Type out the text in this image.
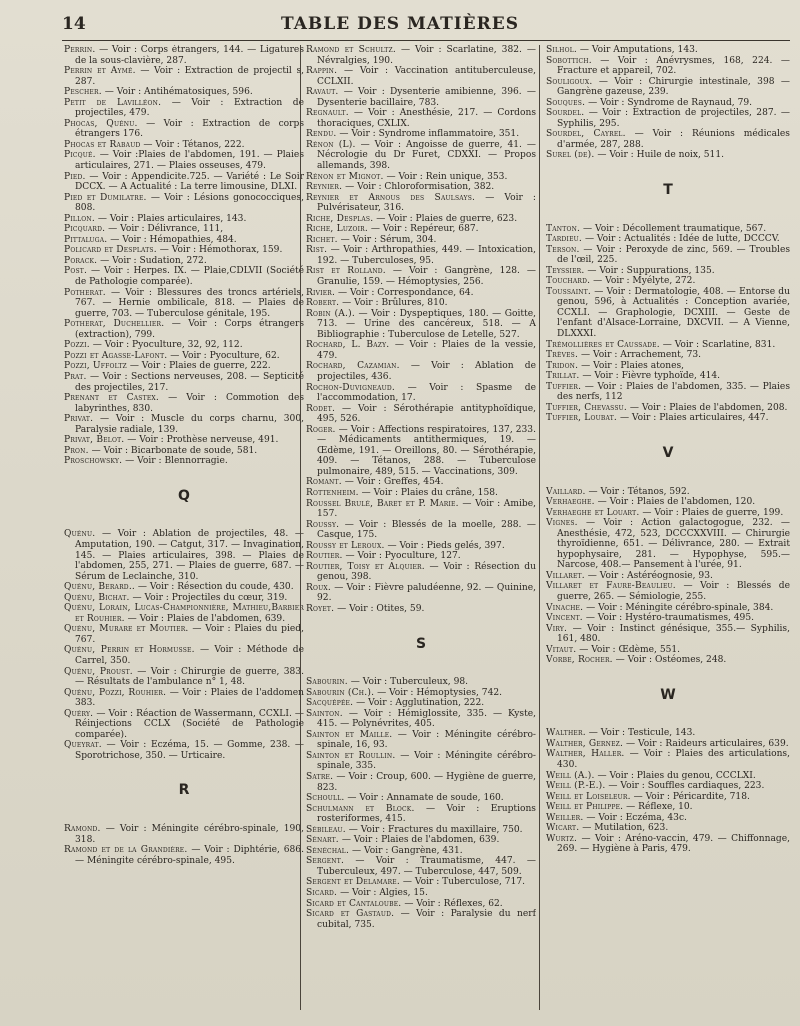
14	TABLE DES MATIÈRES
Perrin. — Voir : Corps étrangers, 144. — Ligatures de la sous-clavière, 287.
Perrin et Aymé. — Voir : Extraction de projectil s, 287.
Pescher. — Voir : Antihématosiques, 596.
Petit de Lavilléon. — Voir : Extraction de projectiles, 479.
Phocas, Quénu. — Voir : Extraction de corps étrangers 176.
Phocas et Rabaud — Voir : Tétanos, 222.
Picqué. — Voir :Plaies de l'abdomen, 191. — Plaies articulaires, 271. — Plaies osseuses, 479.
Pied. — Voir : Appendicite.725. — Variété : Le Soir DCCX. — A Actualité : La terre limousine, DLXI.
Pied et Dumilatre. — Voir : Lésions gonococciques, 808.
Pillon. — Voir : Plaies articulaires, 143.
Picquard. — Voir : Délivrance, 111,
Pittaluga. — Voir : Hémopathies, 484.
Policard et Desplats. — Voir : Hémothorax, 159.
Porack. — Voir : Sudation, 272.
Post. — Voir : Herpes. IX. — Plaie,CDLVII (Société de Pathologie comparée).
Potherat. — Voir : Blessures des troncs artériels, 767. — Hernie ombilicale, 818. — Plaies de guerre, 703. — Tuberculose génitale, 195.
Potherat, Duchellier. — Voir : Corps étrangers (extraction), 799.
Pozzi. — Voir : Pyoculture, 32, 92, 112.
Pozzi et Agasse-Lafont. — Voir : Pyoculture, 62.
Pozzi, Uffoltz — Voir : Plaies de guerre, 222.
Prat. — Voir : Sections nerveuses, 208. — Septicité des projectiles, 217.
Prenant et Castex. — Voir : Commotion des labyrinthes, 830.
Privat. — Voir : Muscle du corps charnu, 300, Paralysie radiale, 139.
Privat, Belot. — Voir : Prothèse nerveuse, 491.
Pron. — Voir : Bicarbonate de soude, 581.
Proschowsky. — Voir : Blennorragie.
Q
Quénu. — Voir : Ablation de projectiles, 48. — Amputation, 190. — Catgut, 317. — Invagination, 145. — Plaies articulaires, 398. — Plaies de l'abdomen, 255, 271. — Plaies de guerre, 687. — Sérum de Leclainche, 310.
Quénu, Berard.. — Voir : Résection du coude, 430.
Quénu, Bichat. — Voir : Projectiles du cœur, 319.
Quénu, Lorain, Lucas-Championnière, Mathieu,Barbier et Rouhier. — Voir : Plaies de l'abdomen, 639.
Quénu, Murare et Moutier. — Voir : Plaies du pied, 767.
Quénu, Perrin et Hormusse. — Voir : Méthode de Carrel, 350.
Quénu, Proust. — Voir : Chirurgie de guerre, 383. — Résultats de l'ambulance n° 1, 48.
Quénu, Pozzi, Rouhier. — Voir : Plaies de l'addomen 383.
Quéry. — Voir : Réaction de Wassermann, CCXLI. — Réinjections CCLX (Société de Pathologie comparée).
Queyrat. — Voir : Eczéma, 15. — Gomme, 238. — Sporotrichose, 350. — Urticaire.
R
Ramond. — Voir : Méningite cérébro-spinale, 190, 318.
Ramond et de la Grandière. — Voir : Diphtérie, 686. — Méningite cérébro-spinale, 495.
Ramond et Schultz. — Voir : Scarlatine, 382. — Névralgies, 190.
Rappin. — Voir : Vaccination antituberculeuse, CCLXII.
Ravaut. — Voir : Dysenterie amibienne, 396. — Dysenterie bacillaire, 783.
Regnault. — Voir : Anesthésie, 217. — Cordons thoraciques, CXLIX.
Rendu. — Voir : Syndrome inflammatoire, 351.
Rénon (L). — Voir : Angoisse de guerre, 41. — Nécrologie du Dr Furet, CDXXI. — Propos allemands, 398.
Rénon et Mignot. — Voir : Rein unique, 353.
Reynier. — Voir : Chloroformisation, 382.
Reynier et Arnous des Saulsays. — Voir : Pulvérisateur, 316.
Riche, Desplas. — Voir : Plaies de guerre, 623.
Riche, Luzoir. — Voir : Repéreur, 687.
Richet. — Voir : Sérum, 304.
Rist. — Voir : Arthropathies, 449. — Intoxication, 192. — Tuberculoses, 95.
Rist et Rolland. — Voir : Gangrène, 128. — Granulie, 159. — Hémoptysies, 256.
Rivier. — Voir : Correspondance, 64.
Robert. — Voir : Brûlures, 810.
Robin (A.). — Voir : Dyspeptiques, 180. — Goitte, 713. — Urine des cancéreux, 518. — A Bibliographie : Tuberculose de Letelle, 527.
Rochard, L. Bazy. — Voir : Plaies de la vessie, 479.
Rochard, Cazamian. — Voir : Ablation de projectiles, 436.
Rochon-Duvigneaud. — Voir : Spasme de l'accommodation, 17.
Rodet. — Voir : Sérothérapie antityphoïdique, 495, 526.
Roger. — Voir : Affections respiratoires, 137, 233. — Médicaments antithermiques, 19. — Œdème, 191. — Oreillons, 80. — Sérothérapie, 409. — Tétanos, 288. — Tuberculose pulmonaire, 489, 515. — Vaccinations, 309.
Romant. — Voir : Greffes, 454.
Rottenheim. — Voir : Plaies du crâne, 158.
Roussel Brulé, Baret et P. Marie. — Voir : Amibe, 157.
Roussy. — Voir : Blessés de la moelle, 288. — Casque, 175.
Roussy et Leroux. — Voir : Pieds gelés, 397.
Routier. — Voir : Pyoculture, 127.
Routier, Toisy et Alquier. — Voir : Résection du genou, 398.
Roux. — Voir : Fièvre paludéenne, 92. — Quinine, 92.
Royet. — Voir : Otites, 59.
S
Sabourin. — Voir : Tuberculeux, 98.
Sabourin (Ch.). — Voir : Hémoptysies, 742.
Sacquépée. — Voir : Agglutination, 222.
Sainton. — Voir : Hémiglossite, 335. — Kyste, 415. — Polynévrites, 405.
Sainton et Maille. — Voir : Méningite cérébro-spinale, 16, 93.
Sainton et Roullin. — Voir : Méningite cérébro-spinale, 335.
Satre. — Voir : Croup, 600. — Hygiène de guerre, 823.
Schoull. — Voir : Annamate de soude, 160.
Schulmann et Block. — Voir : Eruptions rosteriformes, 415.
Sébileau. — Voir : Fractures du maxillaire, 750.
Sénart. — Voir : Plaies de l'abdomen, 639.
Sénéchal. — Voir : Gangrène, 431.
Sergent. — Voir : Traumatisme, 447. — Tuberculeux, 497. — Tuberculose, 447, 509.
Sergent et Delamare. — Voir : Tuberculose, 717.
Sicard. — Voir : Algies, 15.
Sicard et Cantaloube. — Voir : Réflexes, 62.
Sicard et Gastaud. — Voir : Paralysie du nerf cubital, 735.
Silhol. — Voir Amputations, 143.
Sobottich. — Voir : Anévrysmes, 168, 224. — Fracture et appareil, 702.
Souligoux. — Voir : Chirurgie intestinale, 398 — Gangrène gazeuse, 239.
Souques. — Voir : Syndrome de Raynaud, 79.
Sourdel. — Voir : Extraction de projectiles, 287. — Syphilis, 295.
Sourdel, Cayrel. — Voir : Réunions médicales d'armée, 287, 288.
Surel (de). — Voir : Huile de noix, 511.
T
Tanton. — Voir : Décollement traumatique, 567.
Tardieu. — Voir : Actualités : Idée de lutte, DCCCV.
Terson. — Voir : Peroxyde de zinc, 569. — Troubles de l'œil, 225.
Teyssier. — Voir : Suppurations, 135.
Touchard. — Voir : Myélyte, 272.
Toussaint. — Voir : Dermatologie, 408. — Entorse du genou, 596, à Actualités : Conception avariée, CCXLI. — Graphologie, DCXIII. — Geste de l'enfant d'Alsace-Lorraine, DXCVII. — A Vienne, DLXXXI.
Trémollières et Caussade. — Voir : Scarlatine, 831.
Trèves. — Voir : Arrachement, 73.
Tridon. — Voir : Plaies atones,
Trillat. — Voir : Fièvre typhoïde, 414.
Tuffier. — Voir : Plaies de l'abdomen, 335. — Plaies des nerfs, 112
Tuffier, Chevassu. — Voir : Plaies de l'abdomen, 208.
Tuffier, Loubat. — Voir : Plaies articulaires, 447.
V
Vaillard. — Voir : Tétanos, 592.
Verhaeghe. — Voir : Plaies de l'abdomen, 120.
Verhaeghe et Louart. — Voir : Plaies de guerre, 199.
Vignes. — Voir : Action galactogogue, 232. — Anesthésie, 472, 523, DCCCXXVIII. — Chirurgie thyroïdienne, 651. — Délivrance, 280. — Extrait hypophysaire, 281. — Hypophyse, 595.— Narcose, 408.— Pansement à l'urée, 91.
Villaret. — Voir : Astéréognosie, 93.
Villaret et Faure-Beaulieu. — Voir : Blessés de guerre, 265. — Sémiologie, 255.
Vinache. — Voir : Méningite cérébro-spinale, 384.
Vincent. — Voir : Hystéro-traumatismes, 495.
Viry. — Voir : Instinct génésique, 355.— Syphilis, 161, 480.
Vitaut. — Voir : Œdème, 551.
Vorbe, Rocher. — Voir : Ostéomes, 248.
W
Walther. — Voir : Testicule, 143.
Walther, Gernez. — Voir : Raideurs articulaires, 639.
Walther, Haller. — Voir : Plaies des articulations, 430.
Weill (A.). — Voir : Plaies du genou, CCCLXI.
Weill (P.-E.). — Voir : Souffles cardiaques, 223.
Weill et Loiseleur. — Voir : Péricardite, 718.
Weill et Philippe. — Réflexe, 10.
Weiller. — Voir : Eczéma, 43c.
Wicart. — Mutilation, 623.
Wurtz. — Voir : Aréno-vaccin, 479. — Chiffonnage, 269. — Hygiène à Paris, 479.
